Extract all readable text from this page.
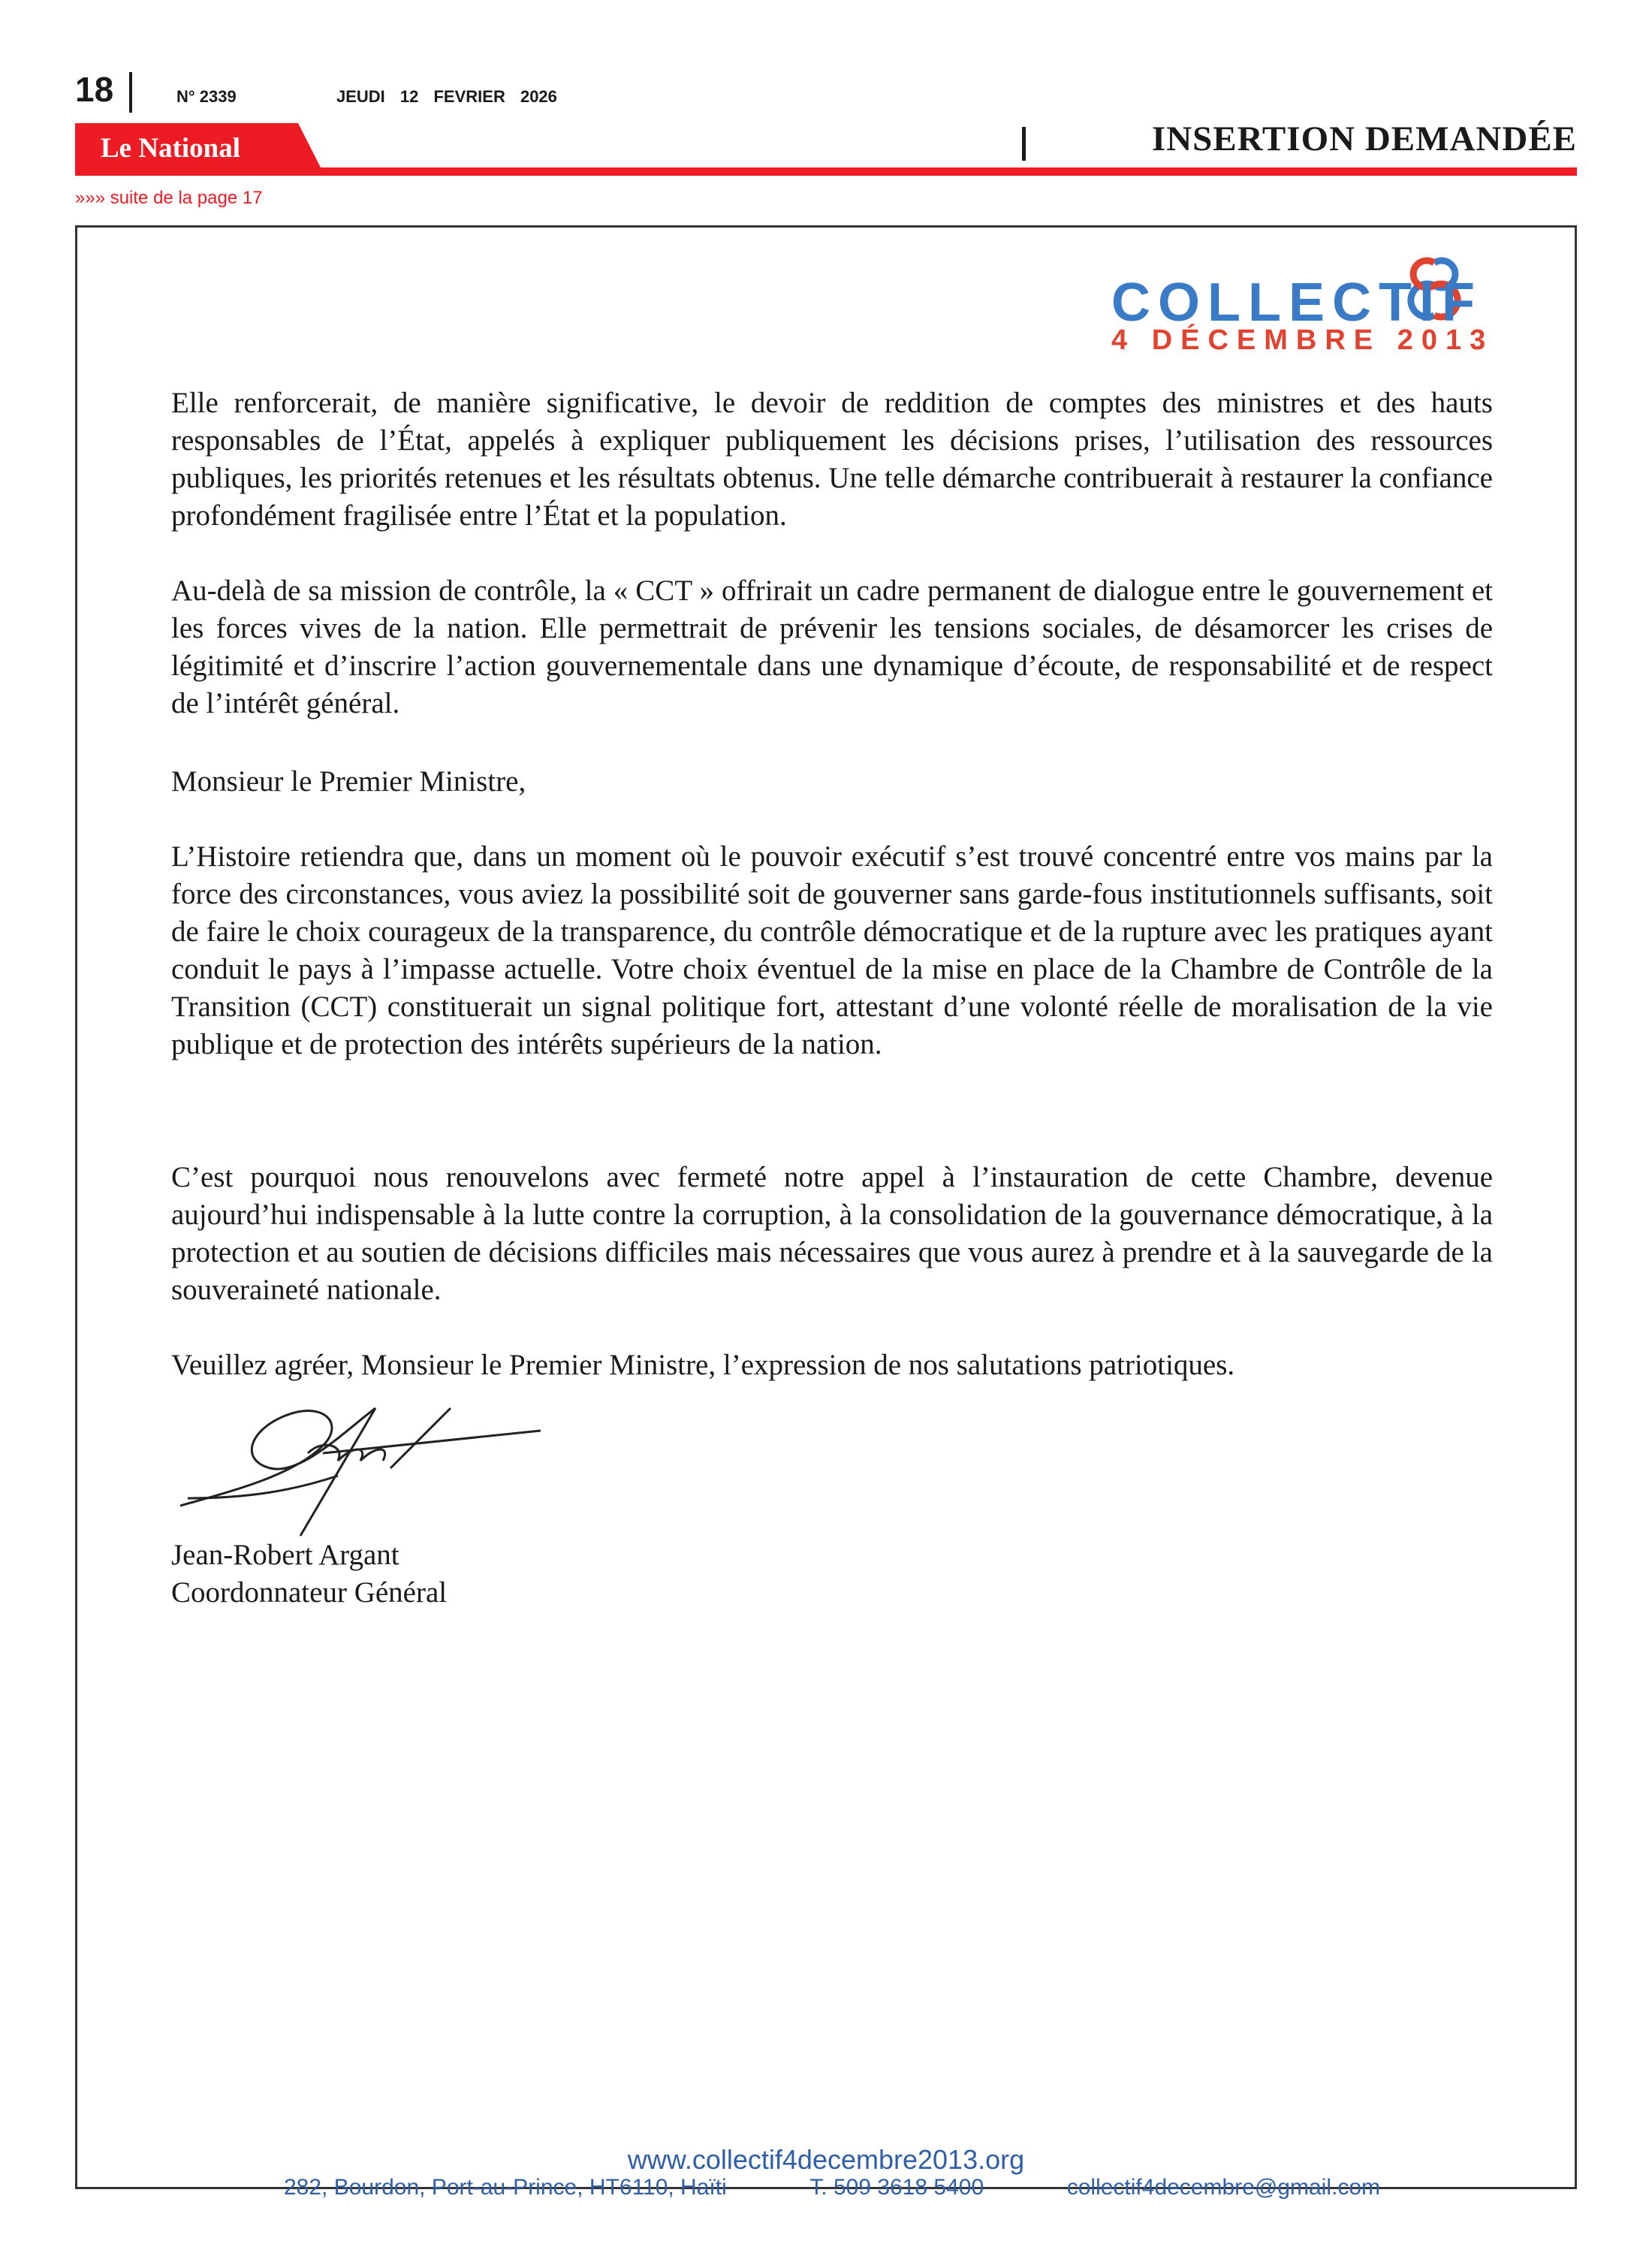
18	N° 2339	JEUDI 12 FEVRIER 2026
Le National	INSERTION DEMANDÉE
»»» suite de la page 17
COLLECTIF
4 DÉCEMBRE 2013

Elle renforcerait, de manière significative, le devoir de reddition de comptes des ministres et des hauts responsables de l’État, appelés à expliquer publiquement les décisions prises, l’utilisation des ressources publiques, les priorités retenues et les résultats obtenus. Une telle démarche contribuerait à restaurer la confiance profondément fragilisée entre l’État et la population.

Au-delà de sa mission de contrôle, la « CCT » offrirait un cadre permanent de dialogue entre le gouvernement et les forces vives de la nation. Elle permettrait de prévenir les tensions sociales, de désamorcer les crises de légitimité et d’inscrire l’action gouvernementale dans une dynamique d’écoute, de responsabilité et de respect de l’intérêt général.

Monsieur le Premier Ministre,

L’Histoire retiendra que, dans un moment où le pouvoir exécutif s’est trouvé concentré entre vos mains par la force des circonstances, vous aviez la possibilité soit de gouverner sans garde-fous institutionnels suffisants, soit de faire le choix courageux de la transparence, du contrôle démocratique et de la rupture avec les pratiques ayant conduit le pays à l’impasse actuelle. Votre choix éventuel de la mise en place de la Chambre de Contrôle de la Transition (CCT) constituerait un signal politique fort, attestant d’une volonté réelle de moralisation de la vie publique et de protection des intérêts supérieurs de la nation.

C’est pourquoi nous renouvelons avec fermeté notre appel à l’instauration de cette Chambre, devenue aujourd’hui indispensable à la lutte contre la corruption, à la consolidation de la gouvernance démocratique, à la protection et au soutien de décisions difficiles mais nécessaires que vous aurez à prendre et à la sauvegarde de la souveraineté nationale.

Veuillez agréer, Monsieur le Premier Ministre, l’expression de nos salutations patriotiques.

Jean-Robert Argant
Coordonnateur Général
www.collectif4decembre2013.org
282, Bourdon, Port-au-Prince, HT6110, Haïti	T. 509 3618 5400	collectif4decembre@gmail.com
